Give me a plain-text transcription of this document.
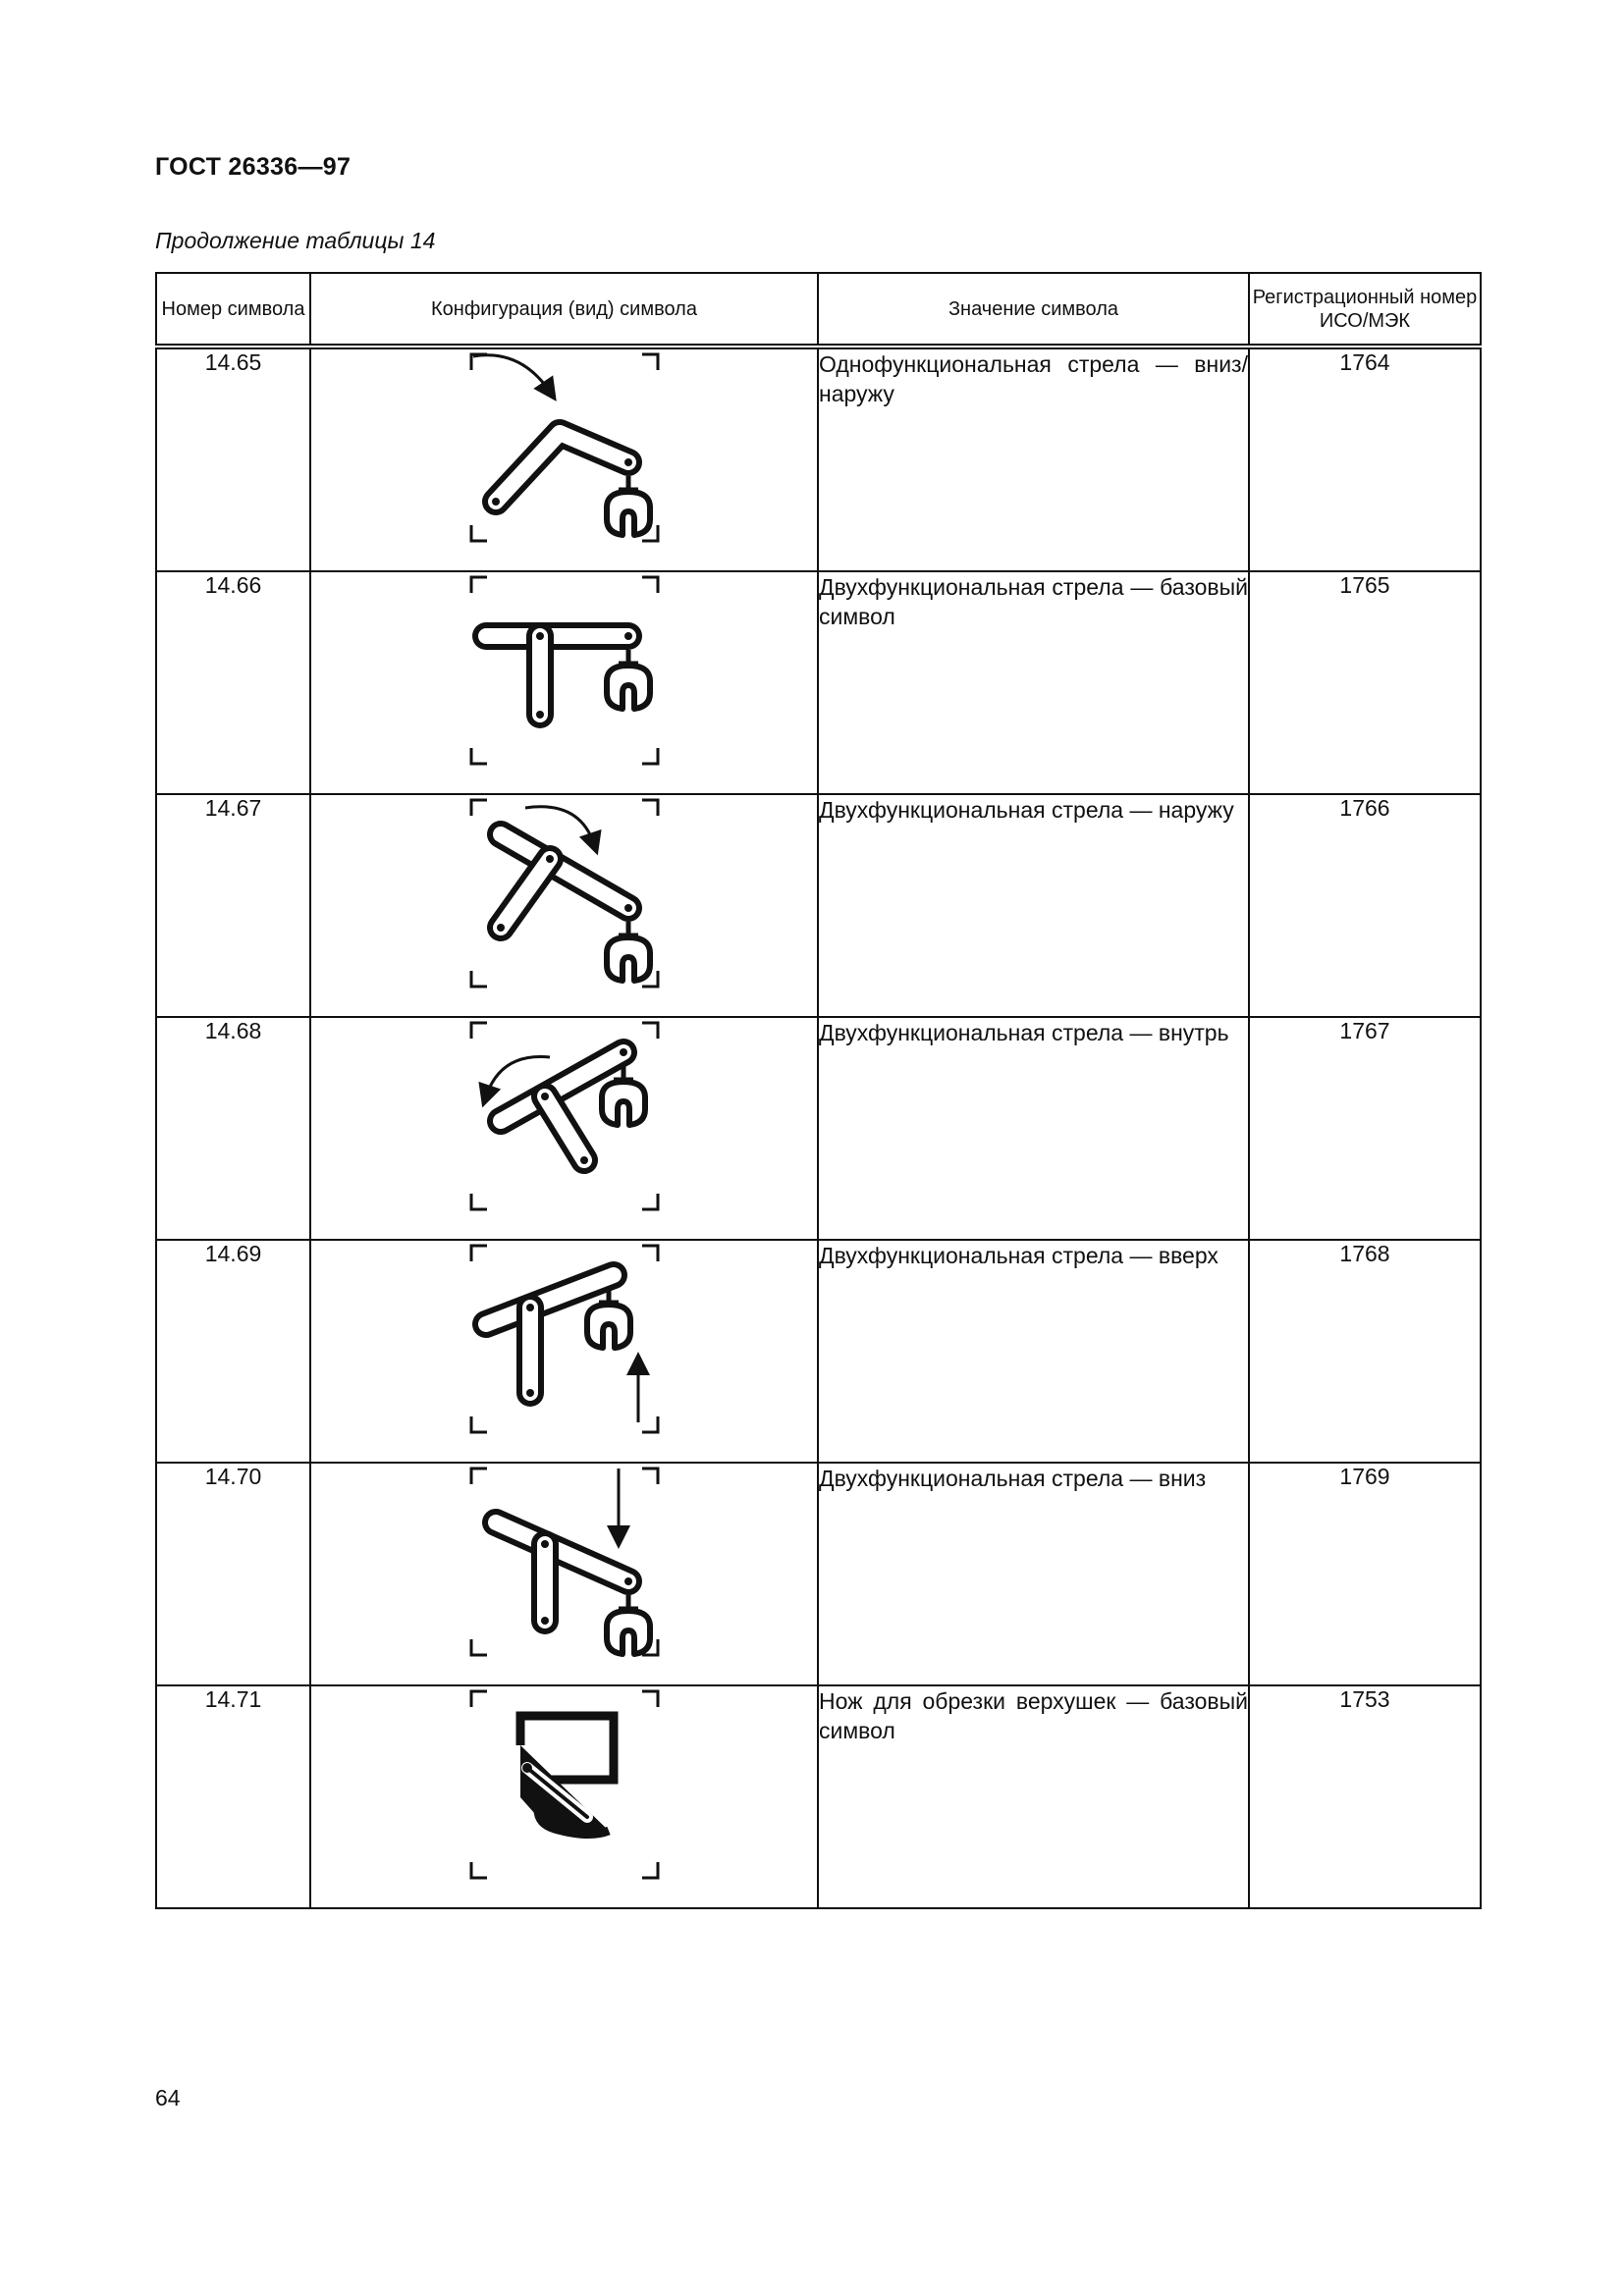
ГОСТ 26336—97
Продолжение таблицы 14
Номер символа	Конфигурация (вид) символа	Значение символа	Регистрационный номер ИСО/МЭК
14.65		Однофункциональная стрела — вниз/наружу	1764
14.66		Двухфункциональная стрела — базовый символ	1765
14.67		Двухфункциональная стрела — наружу	1766
14.68		Двухфункциональная стрела — внутрь	1767
14.69		Двухфункциональная стрела — вверх	1768
14.70		Двухфункциональная стрела — вниз	1769
14.71		Нож для обрезки верхушек — базовый символ	1753
64
